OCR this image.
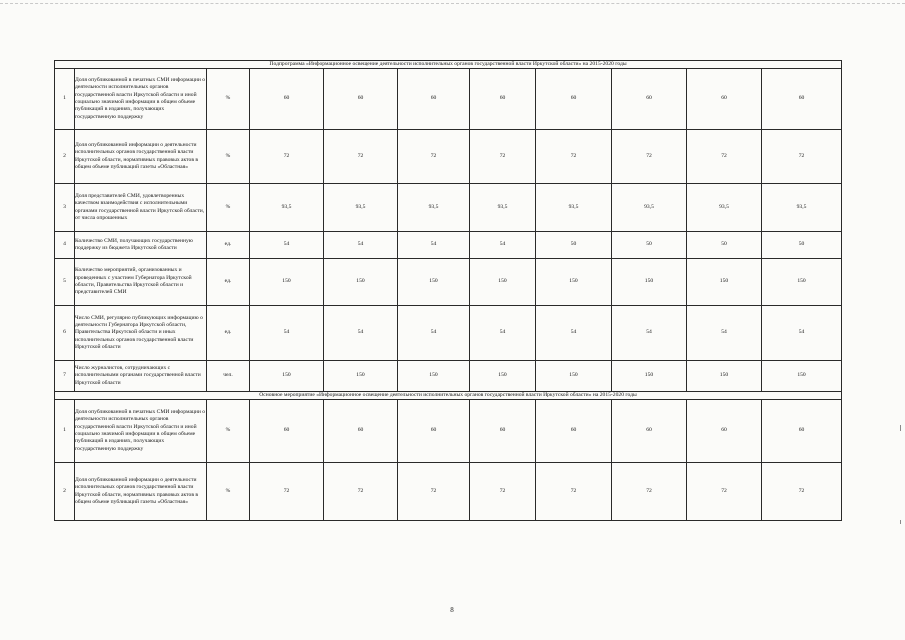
Подпрограмма «Информационное освещение деятельности исполнительных органов государственной власти Иркутской области» на 2015-2020 годы										
1	Доля опубликованной в печатных СМИ информации о деятельности исполнительных органов государственной власти Иркутской области и иной социально значимой информации в общем объеме публикаций в изданиях, получающих государственную поддержку	%	60	60	60	60	60	60	60	60
2	Доля опубликованной информации о деятельности исполнительных органов государственной власти Иркутской области, нормативных правовых актов в общем объеме публикаций газеты «Областная»	%	72	72	72	72	72	72	72	72
3	Доля представителей СМИ, удовлетворенных качеством взаимодействия с исполнительными органами государственной власти Иркутской области, от числа опрошенных	%	93,5	93,5	93,5	93,5	93,5	93,5	93,5	93,5
4	Количество СМИ, получающих государственную поддержку из бюджета Иркутской области	ед.	54	54	54	54	50	50	50	50
5	Количество мероприятий, организованных и проведенных с участием Губернатора Иркутской области, Правительства Иркутской области и представителей СМИ	ед.	150	150	150	150	150	150	150	150
6	Число СМИ, регулярно публикующих информацию о деятельности Губернатора Иркутской области, Правительства Иркутской области и иных исполнительных органов государственной власти Иркутской области	ед.	54	54	54	54	54	54	54	54
7	Число журналистов, сотрудничающих с исполнительными органами государственной власти Иркутской области	чел.	150	150	150	150	150	150	150	150
Основное мероприятие «Информационное освещение деятельности исполнительных органов государственной власти Иркутской области» на 2015-2020 годы										
1	Доля опубликованной в печатных СМИ информации о деятельности исполнительных органов государственной власти Иркутской области и иной социально значимой информации в общем объеме публикаций в изданиях, получающих государственную поддержку	%	60	60	60	60	60	60	60	60
2	Доля опубликованной информации о деятельности исполнительных органов государственной власти Иркутской области, нормативных правовых актов в общем объеме публикаций газеты «Областная»	%	72	72	72	72	72	72	72	72
8
